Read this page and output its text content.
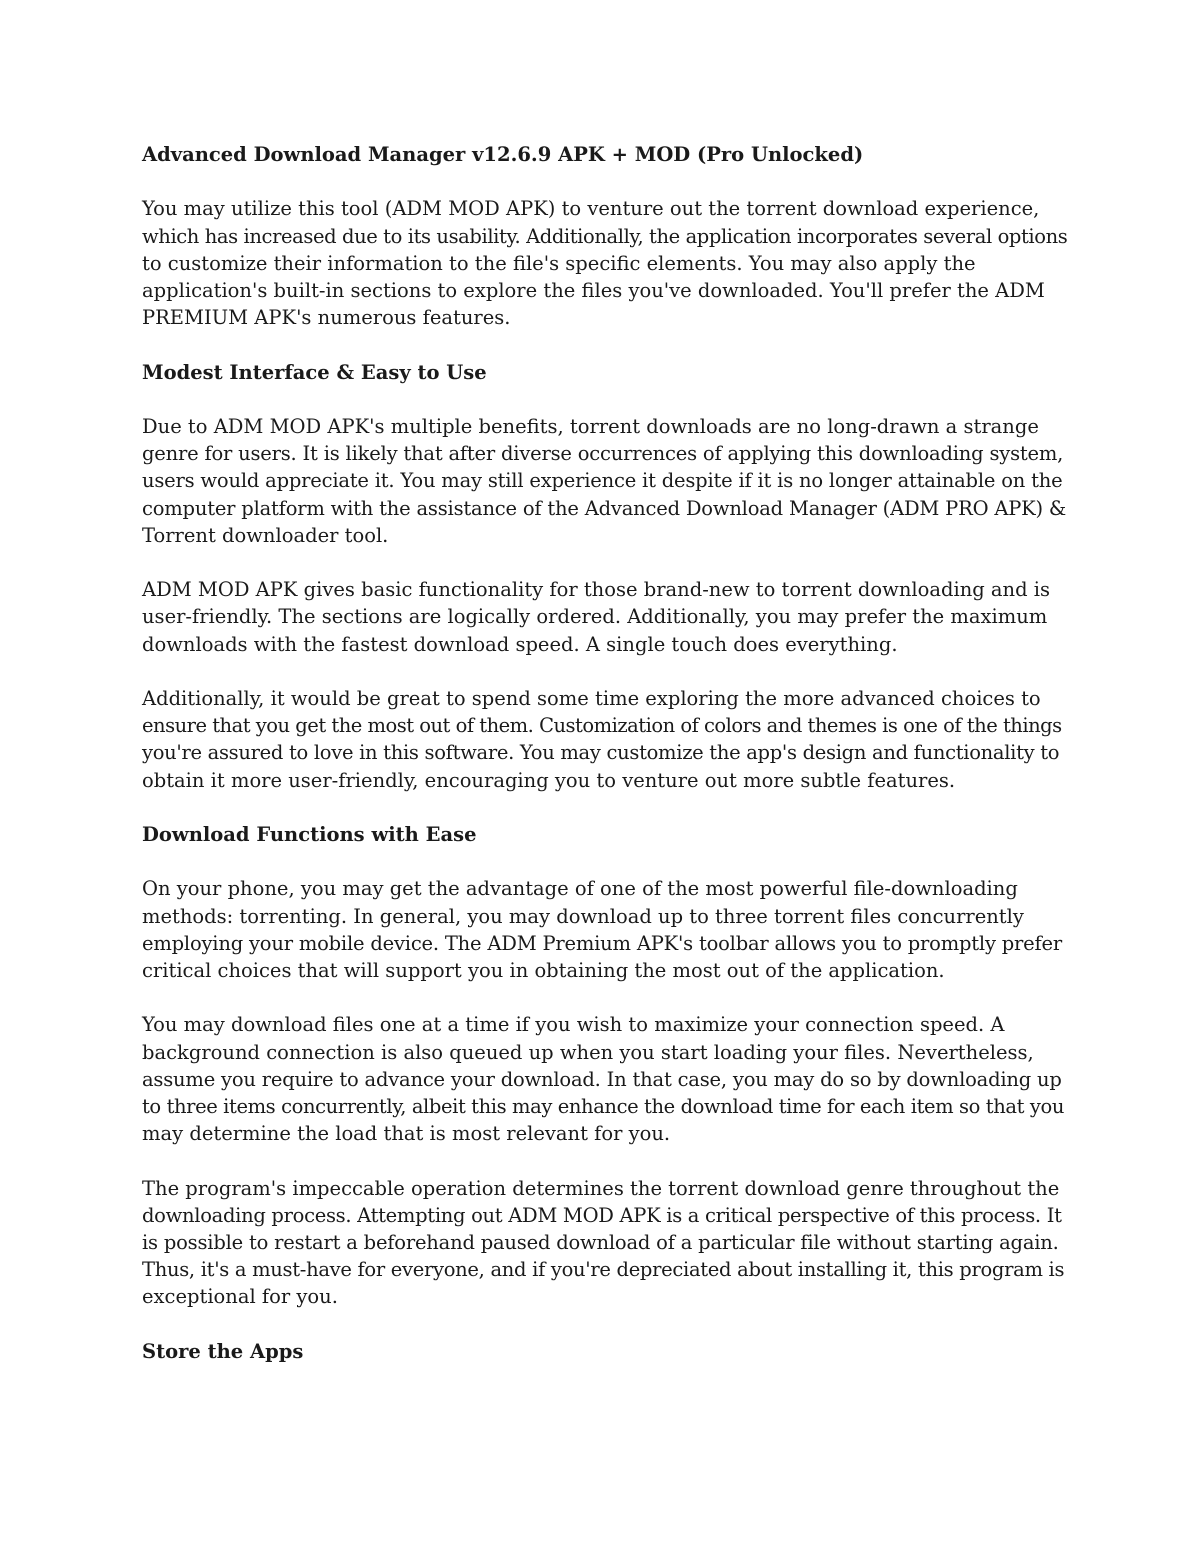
Advanced Download Manager v12.6.9 APK + MOD (Pro Unlocked)
You may utilize this tool (ADM MOD APK) to venture out the torrent download experience,
which has increased due to its usability. Additionally, the application incorporates several options
to customize their information to the file's specific elements. You may also apply the
application's built-in sections to explore the files you've downloaded. You'll prefer the ADM
PREMIUM APK's numerous features.
Modest Interface & Easy to Use
Due to ADM MOD APK's multiple benefits, torrent downloads are no long-drawn a strange
genre for users. It is likely that after diverse occurrences of applying this downloading system,
users would appreciate it. You may still experience it despite if it is no longer attainable on the
computer platform with the assistance of the Advanced Download Manager (ADM PRO APK) &
Torrent downloader tool.
ADM MOD APK gives basic functionality for those brand-new to torrent downloading and is
user-friendly. The sections are logically ordered. Additionally, you may prefer the maximum
downloads with the fastest download speed. A single touch does everything.
Additionally, it would be great to spend some time exploring the more advanced choices to
ensure that you get the most out of them. Customization of colors and themes is one of the things
you're assured to love in this software. You may customize the app's design and functionality to
obtain it more user-friendly, encouraging you to venture out more subtle features.
Download Functions with Ease
On your phone, you may get the advantage of one of the most powerful file-downloading
methods: torrenting. In general, you may download up to three torrent files concurrently
employing your mobile device. The ADM Premium APK's toolbar allows you to promptly prefer
critical choices that will support you in obtaining the most out of the application.
You may download files one at a time if you wish to maximize your connection speed. A
background connection is also queued up when you start loading your files. Nevertheless,
assume you require to advance your download. In that case, you may do so by downloading up
to three items concurrently, albeit this may enhance the download time for each item so that you
may determine the load that is most relevant for you.
The program's impeccable operation determines the torrent download genre throughout the
downloading process. Attempting out ADM MOD APK is a critical perspective of this process. It
is possible to restart a beforehand paused download of a particular file without starting again.
Thus, it's a must-have for everyone, and if you're depreciated about installing it, this program is
exceptional for you.
Store the Apps
